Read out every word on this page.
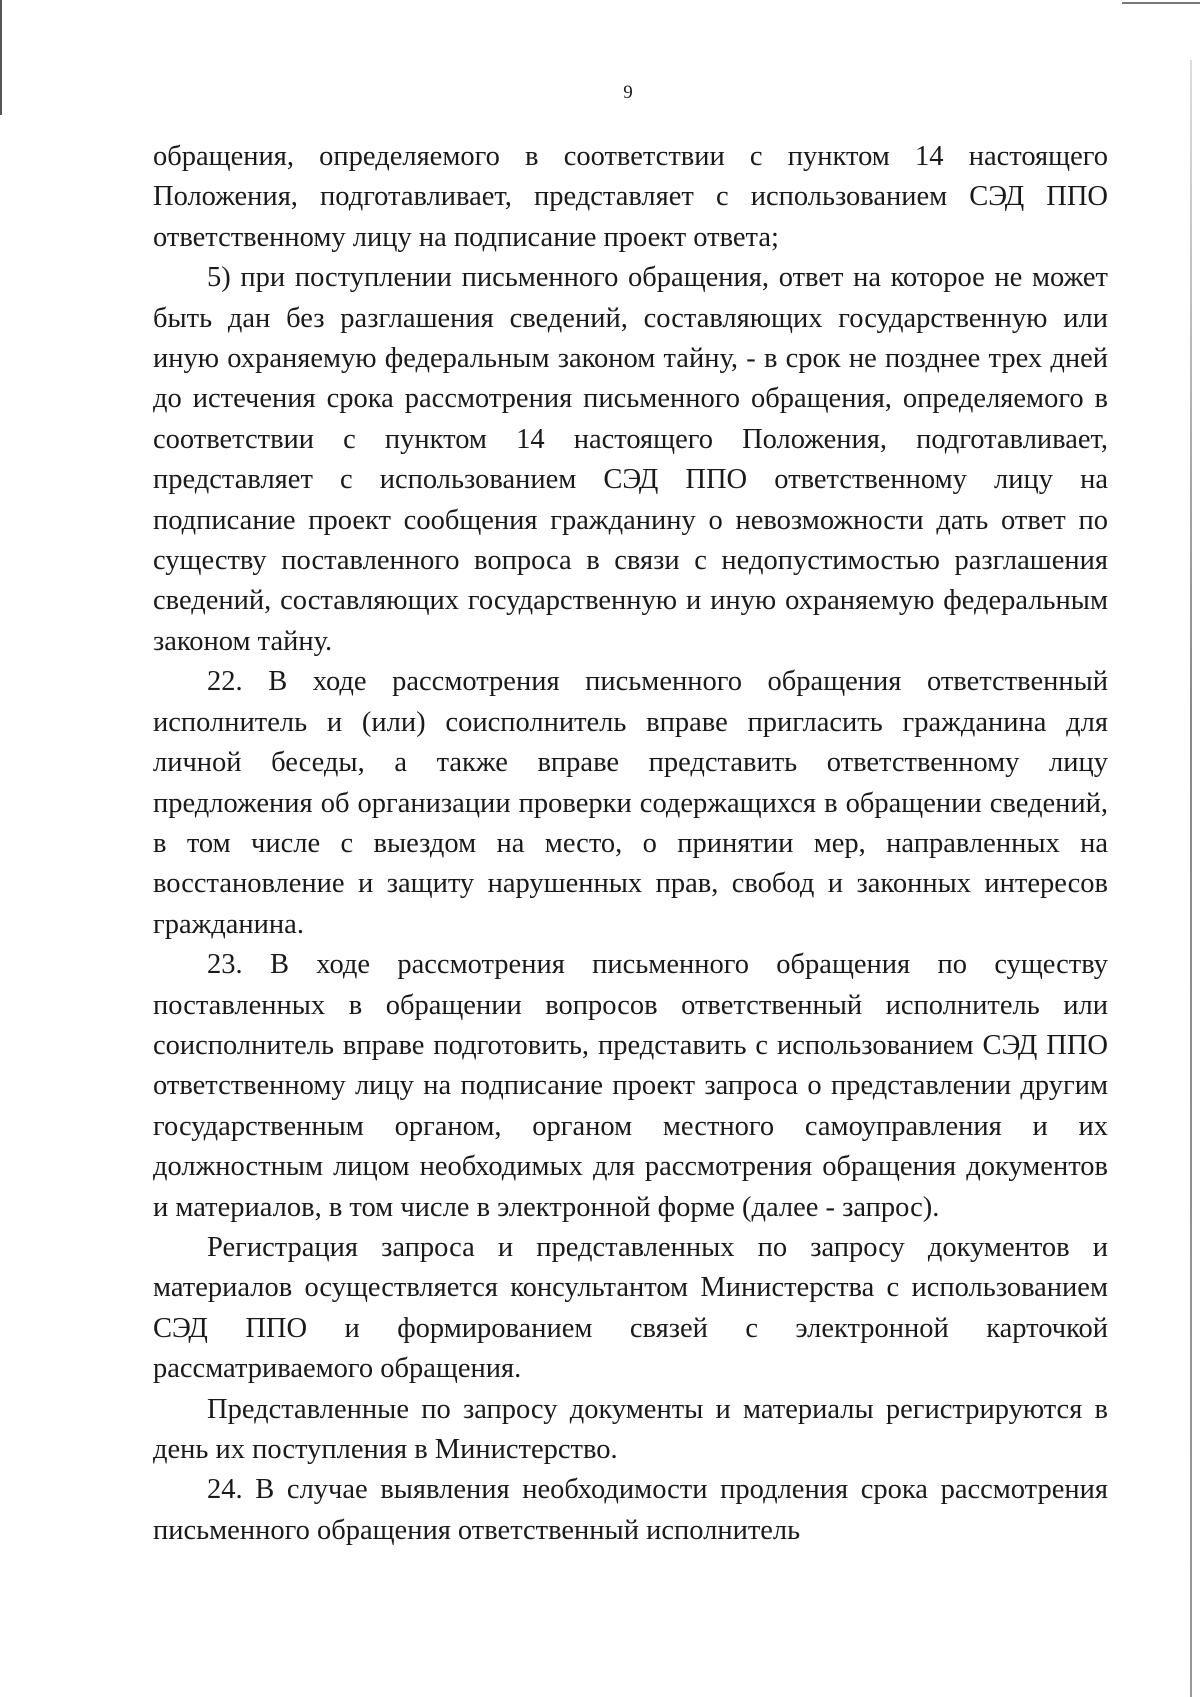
9

обращения, определяемого в соответствии с пунктом 14 настоящего Положения, подготавливает, представляет с использованием СЭД ППО ответственному лицу на подписание проект ответа;

5) при поступлении письменного обращения, ответ на которое не может быть дан без разглашения сведений, составляющих государственную или иную охраняемую федеральным законом тайну, - в срок не позднее трех дней до истечения срока рассмотрения письменного обращения, определяемого в соответствии с пунктом 14 настоящего Положения, подготавливает, представляет с использованием СЭД ППО ответственному лицу на подписание проект сообщения гражданину о невозможности дать ответ по существу поставленного вопроса в связи с недопустимостью разглашения сведений, составляющих государственную и иную охраняемую федеральным законом тайну.

22. В ходе рассмотрения письменного обращения ответственный исполнитель и (или) соисполнитель вправе пригласить гражданина для личной беседы, а также вправе представить ответственному лицу предложения об организации проверки содержащихся в обращении сведений, в том числе с выездом на место, о принятии мер, направленных на восстановление и защиту нарушенных прав, свобод и законных интересов гражданина.

23. В ходе рассмотрения письменного обращения по существу поставленных в обращении вопросов ответственный исполнитель или соисполнитель вправе подготовить, представить с использованием СЭД ППО ответственному лицу на подписание проект запроса о представлении другим государственным органом, органом местного самоуправления и их должностным лицом необходимых для рассмотрения обращения документов и материалов, в том числе в электронной форме (далее - запрос).

Регистрация запроса и представленных по запросу документов и материалов осуществляется консультантом Министерства с использованием СЭД ППО и формированием связей с электронной карточкой рассматриваемого обращения.

Представленные по запросу документы и материалы регистрируются в день их поступления в Министерство.

24. В случае выявления необходимости продления срока рассмотрения письменного обращения ответственный исполнитель
